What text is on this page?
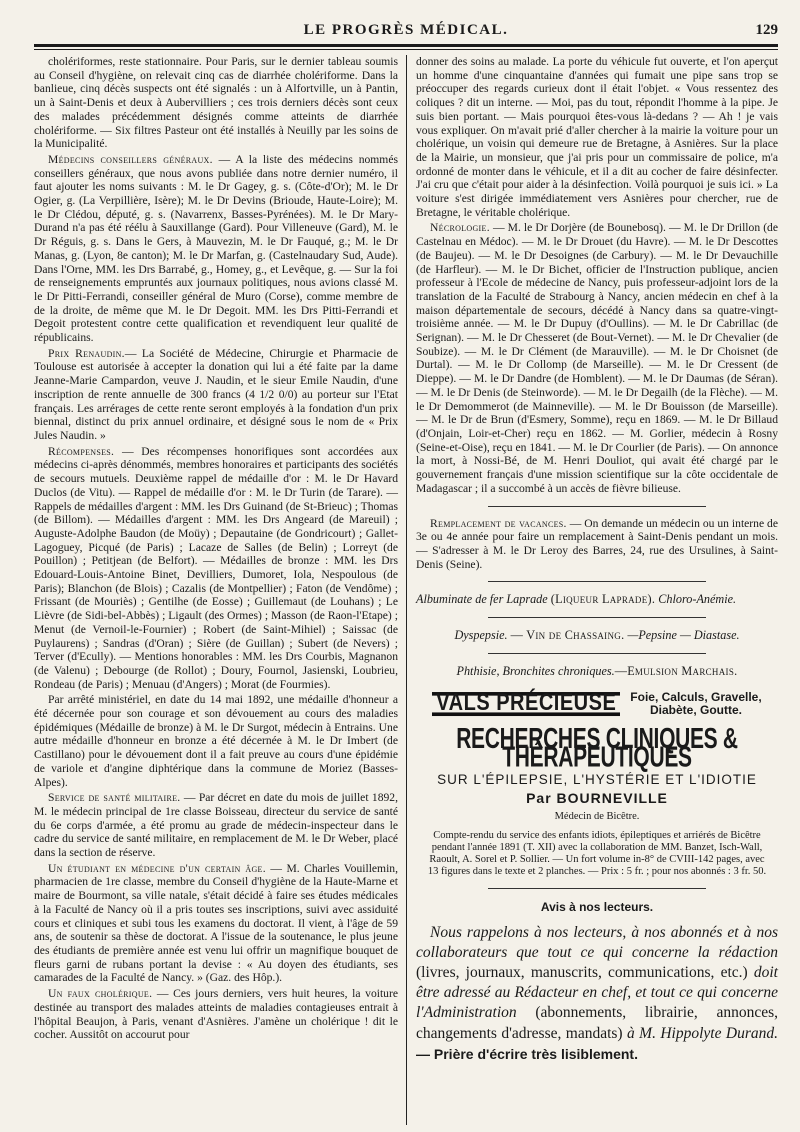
LE PROGRÈS MÉDICAL.	129

cholériformes, reste stationnaire. Pour Paris, sur le dernier tableau soumis au Conseil d'hygiène, on relevait cinq cas de diarrhée cholériforme. Dans la banlieue, cinq décès suspects ont été signalés : un à Alfortville, un à Pantin, un à Saint-Denis et deux à Aubervilliers ; ces trois derniers décès sont ceux des malades précédemment désignés comme atteints de diarrhée cholériforme. — Six filtres Pasteur ont été installés à Neuilly par les soins de la Municipalité.

Médecins conseillers généraux. — A la liste des médecins nommés conseillers généraux, que nous avons publiée dans notre dernier numéro, il faut ajouter les noms suivants : M. le Dr Gagey, g. s. (Côte-d'Or); M. le Dr Ogier, g. (La Verpillière, Isère); M. le Dr Devins (Brioude, Haute-Loire); M. le Dr Clédou, député, g. s. (Navarrenx, Basses-Pyrénées). M. le Dr Mary-Durand n'a pas été réélu à Sauxillange (Gard). Pour Villeneuve (Gard), M. le Dr Réguis, g. s. Dans le Gers, à Mauvezin, M. le Dr Fauqué, g.; M. le Dr Manas, g. (Lyon, 8e canton); M. le Dr Marfan, g. (Castelnaudary Sud, Aude). Dans l'Orne, MM. les Drs Barrabé, g., Homey, g., et Levêque, g. — Sur la foi de renseignements empruntés aux journaux politiques, nous avions classé M. le Dr Pitti-Ferrandi, conseiller général de Muro (Corse), comme membre de de la droite, de même que M. le Dr Degoit. MM. les Drs Pitti-Ferrandi et Degoit protestent contre cette qualification et revendiquent leur qualité de républicains.

Prix Renaudin.— La Société de Médecine, Chirurgie et Pharmacie de Toulouse est autorisée à accepter la donation qui lui a été faite par la dame Jeanne-Marie Campardon, veuve J. Naudin, et le sieur Emile Naudin, d'une inscription de rente annuelle de 300 francs (4 1/2 0/0) au porteur sur l'Etat français. Les arrérages de cette rente seront employés à la fondation d'un prix biennal, distinct du prix annuel ordinaire, et désigné sous le nom de « Prix Jules Naudin. »

Récompenses. — Des récompenses honorifiques sont accordées aux médecins ci-après dénommés, membres honoraires et participants des sociétés de secours mutuels. Deuxième rappel de médaille d'or : M. le Dr Havard Duclos (de Vitu). — Rappel de médaille d'or : M. le Dr Turin (de Tarare). — Rappels de médailles d'argent : MM. les Drs Guinand (de St-Brieuc) ; Thomas (de Billom). — Médailles d'argent : MM. les Drs Angeard (de Mareuil) ; Auguste-Adolphe Baudon (de Moüy) ; Depautaine (de Gondricourt) ; Gallet-Lagoguey, Picqué (de Paris) ; Lacaze de Salles (de Belin) ; Lorreyt (de Pouillon) ; Petitjean (de Belfort). — Médailles de bronze : MM. les Drs Edouard-Louis-Antoine Binet, Devilliers, Dumoret, Iola, Nespoulous (de Paris); Blanchon (de Blois) ; Cazalis (de Montpellier) ; Faton (de Vendôme) ; Frissant (de Mouriès) ; Gentilhe (de Eosse) ; Guillemaut (de Louhans) ; Le Lièvre (de Sidi-bel-Abbès) ; Ligault (des Ormes) ; Masson (de Raon-l'Etape) ; Menut (de Vernoil-le-Fournier) ; Robert (de Saint-Mihiel) ; Saissac (de Puylaurens) ; Sandras (d'Oran) ; Sière (de Guillan) ; Subert (de Nevers) ; Terver (d'Ecully). — Mentions honorables : MM. les Drs Courbis, Magnanon (de Valenu) ; Debourge (de Rollot) ; Doury, Fournol, Jasienski, Loubrieu, Rondeau (de Paris) ; Menuau (d'Angers) ; Morat (de Fourmies).

Par arrêté ministériel, en date du 14 mai 1892, une médaille d'honneur a été décernée pour son courage et son dévouement au cours des maladies épidémiques (Médaille de bronze) à M. le Dr Surgot, médecin à Entrains. Une autre médaille d'honneur en bronze a été décernée à M. le Dr Imbert (de Castillano) pour le dévouement dont il a fait preuve au cours d'une épidémie de variole et d'angine diphtérique dans la commune de Moriez (Basses-Alpes).

Service de santé militaire. — Par décret en date du mois de juillet 1892, M. le médecin principal de 1re classe Boisseau, directeur du service de santé du 6e corps d'armée, a été promu au grade de médecin-inspecteur dans le cadre du service de santé militaire, en remplacement de M. le Dr Weber, placé dans la section de réserve.

Un étudiant en médecine d'un certain âge. — M. Charles Vouillemin, pharmacien de 1re classe, membre du Conseil d'hygiène de la Haute-Marne et maire de Bourmont, sa ville natale, s'était décidé à faire ses études médicales à la Faculté de Nancy où il a pris toutes ses inscriptions, suivi avec assiduité cours et cliniques et subi tous les examens du doctorat. Il vient, à l'âge de 59 ans, de soutenir sa thèse de doctorat. A l'issue de la soutenance, le plus jeune des étudiants de première année est venu lui offrir un magnifique bouquet de fleurs garni de rubans portant la devise : « Au doyen des étudiants, ses camarades de la Faculté de Nancy. » (Gaz. des Hôp.).

Un faux cholérique. — Ces jours derniers, vers huit heures, la voiture destinée au transport des malades atteints de maladies contagieuses entrait à l'hôpital Beaujon, à Paris, venant d'Asnières. J'amène un cholérique ! dit le cocher. Aussitôt on accourut pour

donner des soins au malade. La porte du véhicule fut ouverte, et l'on aperçut un homme d'une cinquantaine d'années qui fumait une pipe sans trop se préoccuper des regards curieux dont il était l'objet. « Vous ressentez des coliques ? dit un interne. — Moi, pas du tout, répondit l'homme à la pipe. Je suis bien portant. — Mais pourquoi êtes-vous là-dedans ? — Ah ! je vais vous expliquer. On m'avait prié d'aller chercher à la mairie la voiture pour un cholérique, un voisin qui demeure rue de Bretagne, à Asnières. Sur la place de la Mairie, un monsieur, que j'ai pris pour un commissaire de police, m'a ordonné de monter dans le véhicule, et il a dit au cocher de faire désinfecter. J'ai cru que c'était pour aider à la désinfection. Voilà pourquoi je suis ici. » La voiture s'est dirigée immédiatement vers Asnières pour chercher, rue de Bretagne, le véritable cholérique.

Nécrologie. — M. le Dr Dorjère (de Bounebosq). — M. le Dr Drillon (de Castelnau en Médoc). — M. le Dr Drouet (du Havre). — M. le Dr Descottes (de Baujeu). — M. le Dr Desoignes (de Carbury). — M. le Dr Devauchille (de Harfleur). — M. le Dr Bichet, officier de l'Instruction publique, ancien professeur à l'Ecole de médecine de Nancy, puis professeur-adjoint lors de la translation de la Faculté de Strabourg à Nancy, ancien médecin en chef à la maison départementale de secours, décédé à Nancy dans sa quatre-vingt-troisième année. — M. le Dr Dupuy (d'Oullins). — M. le Dr Cabrillac (de Serignan). — M. le Dr Chesseret (de Bout-Vernet). — M. le Dr Chevalier (de Soubize). — M. le Dr Clément (de Marauville). — M. le Dr Choisnet (de Durtal). — M. le Dr Collomp (de Marseille). — M. le Dr Cressent (de Dieppe). — M. le Dr Dandre (de Homblent). — M. le Dr Daumas (de Séran). — M. le Dr Denis (de Steinworde). — M. le Dr Degailh (de la Flèche). — M. le Dr Demommerot (de Mainneville). — M. le Dr Bouisson (de Marseille). — M. le Dr de Brun (d'Esmery, Somme), reçu en 1869. — M. le Dr Billaud (d'Onjain, Loir-et-Cher) reçu en 1862. — M. Gorlier, médecin à Rosny (Seine-et-Oise), reçu en 1841. — M. le Dr Courlier (de Paris). — On annonce la mort, à Nossi-Bé, de M. Henri Douliot, qui avait été chargé par le gouvernement français d'une mission scientifique sur la côte occidentale de Madagascar ; il a succombé à un accès de fièvre bilieuse.

Remplacement de vacances. — On demande un médecin ou un interne de 3e ou 4e année pour faire un remplacement à Saint-Denis pendant un mois. — S'adresser à M. le Dr Leroy des Barres, 24, rue des Ursulines, à Saint-Denis (Seine).

Albuminate de fer Laprade (Liqueur Laprade). Chloro-Anémie.

Dyspepsie. — Vin de Chassaing. —Pepsine — Diastase.

Phthisie, Bronchites chroniques.—Emulsion Marchais.

VALS PRÉCIEUSE	Foie, Calculs, Gravelle,
Diabète, Goutte.
RECHERCHES CLINIQUES & THÉRAPEUTIQUES
SUR L'ÉPILEPSIE, L'HYSTÉRIE ET L'IDIOTIE
Par BOURNEVILLE
Médecin de Bicêtre.
Compte-rendu du service des enfants idiots, épileptiques et arriérés de Bicêtre pendant l'année 1891 (T. XII) avec la collaboration de MM. Banzet, Isch-Wall, Raoult, A. Sorel et P. Sollier. — Un fort volume in-8° de CVIII-142 pages, avec 13 figures dans le texte et 2 planches. — Prix : 5 fr. ; pour nos abonnés : 3 fr. 50.
Avis à nos lecteurs.
Nous rappelons à nos lecteurs, à nos abonnés et à nos collaborateurs que tout ce qui concerne la rédaction (livres, journaux, manuscrits, communications, etc.) doit être adressé au Rédacteur en chef, et tout ce qui concerne l'Administration (abonnements, librairie, annonces, changements d'adresse, mandats) à M. Hippolyte Durand. — Prière d'écrire très lisiblement.
